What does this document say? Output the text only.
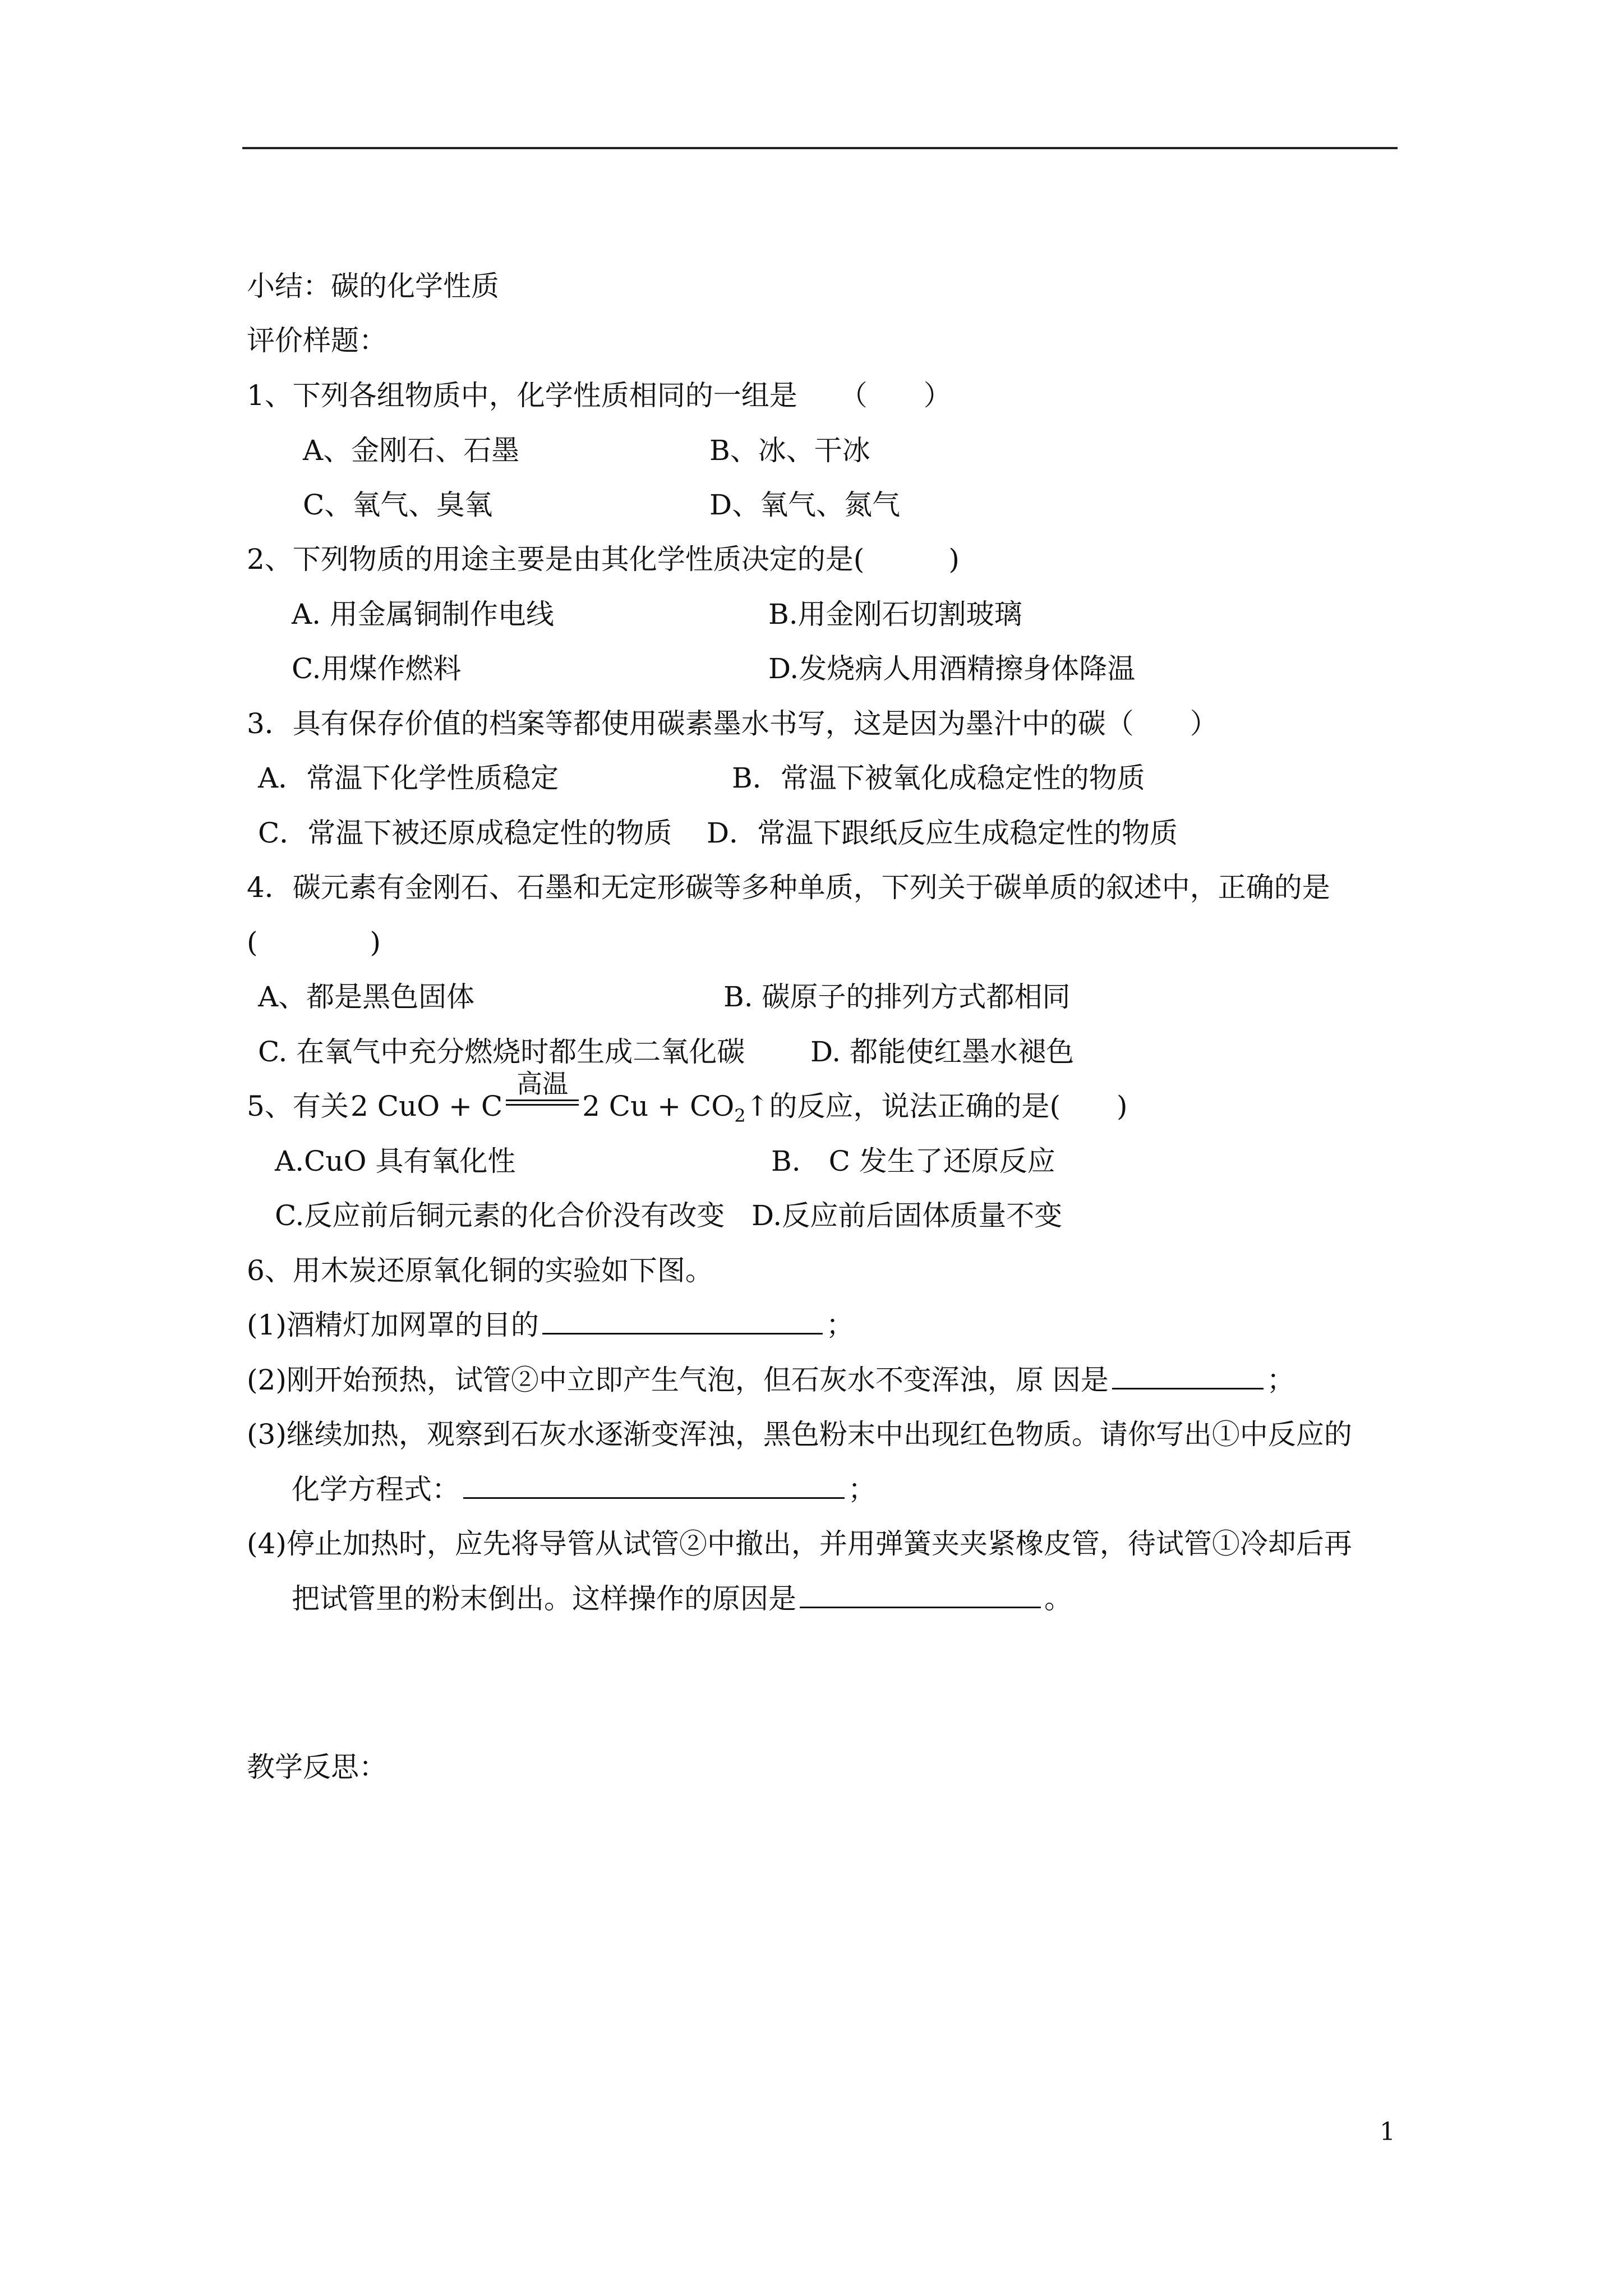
小结：碳的化学性质
评价样题：
1、下列各组物质中，化学性质相同的一组是　　（　　）
A、金刚石、石墨	B、冰、干冰
C、氧气、臭氧	D、氧气、氮气
2、下列物质的用途主要是由其化学性质决定的是(　　　)
A. 用金属铜制作电线	B.用金刚石切割玻璃
C.用煤作燃料	D.发烧病人用酒精擦身体降温
3．具有保存价值的档案等都使用碳素墨水书写，这是因为墨汁中的碳（　　）
A．常温下化学性质稳定	B．常温下被氧化成稳定性的物质
C．常温下被还原成稳定性的物质 D．常温下跟纸反应生成稳定性的物质
4．碳元素有金刚石、石墨和无定形碳等多种单质，下列关于碳单质的叙述中，正确的是
(　　　　)
A、都是黑色固体	B. 碳原子的排列方式都相同
C. 在氧气中充分燃烧时都生成二氧化碳 D. 都能使红墨水褪色
5、有关 2 CuO + C
高温
2 $Cu + CO_2↑$的反应，说法正确的是(　　)
A.CuO 具有氧化性	B.　C 发生了还原反应
C.反应前后铜元素的化合价没有改变 D.反应前后固体质量不变
6、用木炭还原氧化铜的实验如下图。
(1)酒精灯加网罩的目的	；
(2)刚开始预热，试管②中立即产生气泡，但石灰水不变浑浊，原 因是	；
(3)继续加热，观察到石灰水逐渐变浑浊，黑色粉末中出现红色物质。请你写出①中反应的
化学方程式：	；
(4)停止加热时，应先将导管从试管②中撤出，并用弹簧夹夹紧橡皮管，待试管①冷却后再
把试管里的粉末倒出。这样操作的原因是	。
教学反思：
1
